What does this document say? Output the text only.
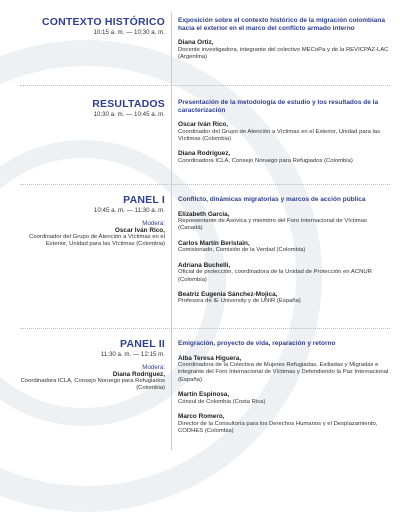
CONTEXTO HISTÓRICO
10:15 a. m. — 10:30 a. m.
Exposición sobre el contexto histórico de la migración colombiana hacia el exterior en el marco del conflicto armado interno
Diana Ortiz,
Docente investigadora, integrante del colectivo MECoPa y de la REVICPAZ-LAC (Argentina)
RESULTADOS
10:30 a. m. — 10:45 a. m.
Presentación de la metodología de estudio y los resultados de la caracterización
Oscar Iván Rico,
Coordinador del Grupo de Atención a Víctimas en el Exterior, Unidad para las Víctimas (Colombia)
Diana Rodríguez,
Coordinadora ICLA, Consejo Noruego para Refugiados (Colombia)
PANEL I
10:45 a. m. — 11:30 a. m.
Modera:
Oscar Iván Rico,
Coordinador del Grupo de Atención a Víctimas en el Exterior, Unidad para las Víctimas (Colombia)
Conflicto, dinámicas migratorias y marcos de acción pública
Elizabeth García,
Representante de Asovica y miembro del Foro Internacional de Víctimas (Canadá)
Carlos Martín Beristain,
Comisionado, Comisión de la Verdad (Colombia)
Adriana Buchelli,
Oficial de protección, coordinadora de la Unidad de Protección en ACNUR (Colombia)
Beatriz Eugenia Sánchez-Mojica,
Profesora de IE University y de UNIR (España)
PANEL II
11:30 a. m. — 12:15 m.
Modera:
Diana Rodríguez,
Coordinadora ICLA, Consejo Noruego para Refugiados (Colombia)
Emigración, proyecto de vida, reparación y retorno
Alba Teresa Higuera,
Coordinadora de la Colectiva de Mujeres Refugiadas, Exiliadas y Migradas e integrante del Foro Internacional de Víctimas y Defendiendo la Paz Internacional (España)
Martín Espinosa,
Cónsul de Colombia (Costa Rica)
Marco Romero,
Director de la Consultoría para los Derechos Humanos y el Desplazamiento, CODHES (Colombia)
